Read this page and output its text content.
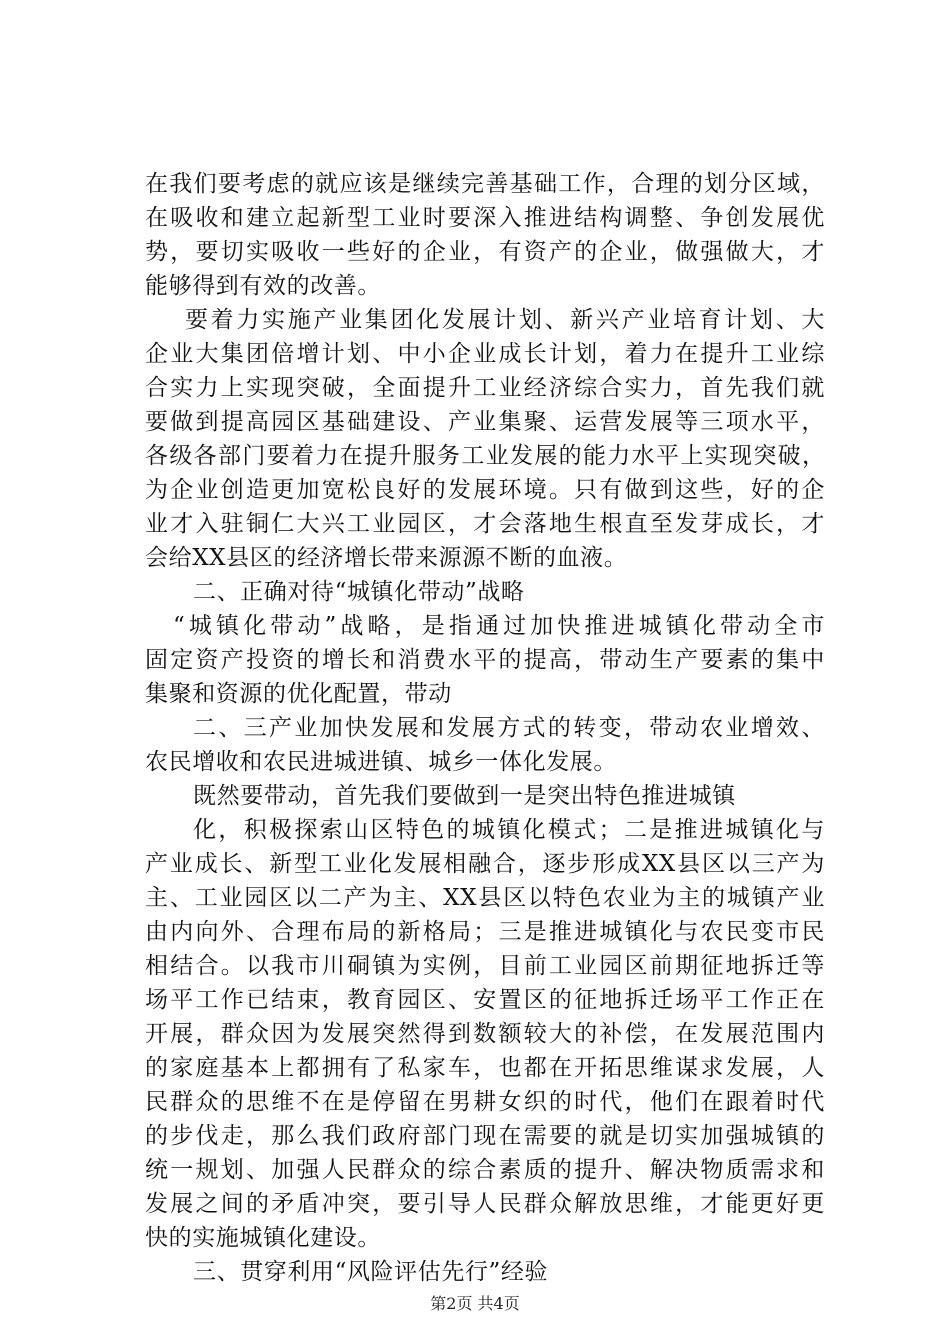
在我们要考虑的就应该是继续完善基础工作，合理的划分区域，
在吸收和建立起新型工业时要深入推进结构调整、争创发展优
势，要切实吸收一些好的企业，有资产的企业，做强做大，才
能够得到有效的改善。
要着力实施产业集团化发展计划、新兴产业培育计划、大
企业大集团倍增计划、中小企业成长计划，着力在提升工业综
合实力上实现突破，全面提升工业经济综合实力，首先我们就
要做到提高园区基础建设、产业集聚、运营发展等三项水平，
各级各部门要着力在提升服务工业发展的能力水平上实现突破，
为企业创造更加宽松良好的发展环境。只有做到这些，好的企
业才入驻铜仁大兴工业园区，才会落地生根直至发芽成长，才
会给XX县区的经济增长带来源源不断的血液。
二、正确对待“城镇化带动”战略
“城镇化带动”战略，是指通过加快推进城镇化带动全市
固定资产投资的增长和消费水平的提高，带动生产要素的集中
集聚和资源的优化配置，带动
二、三产业加快发展和发展方式的转变，带动农业增效、
农民增收和农民进城进镇、城乡一体化发展。
既然要带动，首先我们要做到一是突出特色推进城镇
化，积极探索山区特色的城镇化模式；二是推进城镇化与
产业成长、新型工业化发展相融合，逐步形成XX县区以三产为
主、工业园区以二产为主、XX县区以特色农业为主的城镇产业
由内向外、合理布局的新格局；三是推进城镇化与农民变市民
相结合。以我市川硐镇为实例，目前工业园区前期征地拆迁等
场平工作已结束，教育园区、安置区的征地拆迁场平工作正在
开展，群众因为发展突然得到数额较大的补偿，在发展范围内
的家庭基本上都拥有了私家车，也都在开拓思维谋求发展，人
民群众的思维不在是停留在男耕女织的时代，他们在跟着时代
的步伐走，那么我们政府部门现在需要的就是切实加强城镇的
统一规划、加强人民群众的综合素质的提升、解决物质需求和
发展之间的矛盾冲突，要引导人民群众解放思维，才能更好更
快的实施城镇化建设。
三、贯穿利用“风险评估先行”经验
第2页 共4页
